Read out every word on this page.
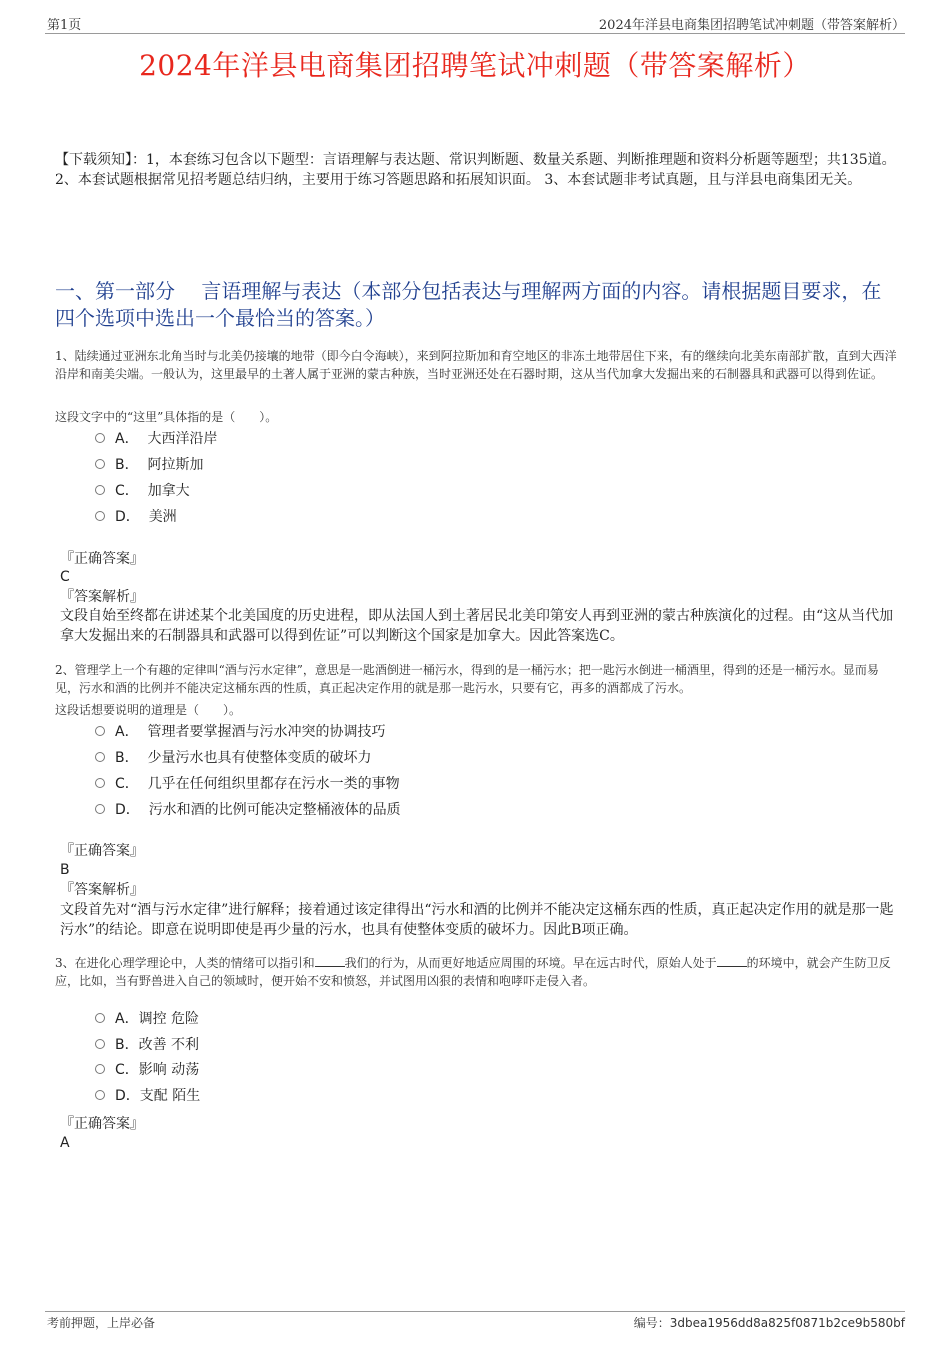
第1页	2024年洋县电商集团招聘笔试冲刺题（带答案解析）
2024年洋县电商集团招聘笔试冲刺题（带答案解析）
【下载须知】：1，本套练习包含以下题型：言语理解与表达题、常识判断题、数量关系题、判断推理题和资料分析题等题型；共135道。 2、本套试题根据常见招考题总结归纳，主要用于练习答题思路和拓展知识面。 3、本套试题非考试真题，且与洋县电商集团无关。
一、第一部分　 言语理解与表达（本部分包括表达与理解两方面的内容。请根据题目要求，在四个选项中选出一个最恰当的答案。）
1、陆续通过亚洲东北角当时与北美仍接壤的地带（即今白令海峡），来到阿拉斯加和育空地区的非冻土地带居住下来，有的继续向北美东南部扩散，直到大西洋沿岸和南美尖端。一般认为，这里最早的土著人属于亚洲的蒙古种族，当时亚洲还处在石器时期，这从当代加拿大发掘出来的石制器具和武器可以得到佐证。
这段文字中的“这里”具体指的是（　　）。
A． 大西洋沿岸
B． 阿拉斯加
C． 加拿大
D． 美洲
『正确答案』
C
『答案解析』
文段自始至终都在讲述某个北美国度的历史进程，即从法国人到土著居民北美印第安人再到亚洲的蒙古种族演化的过程。由“这从当代加拿大发掘出来的石制器具和武器可以得到佐证”可以判断这个国家是加拿大。因此答案选C。
2、管理学上一个有趣的定律叫“酒与污水定律”，意思是一匙酒倒进一桶污水，得到的是一桶污水；把一匙污水倒进一桶酒里，得到的还是一桶污水。显而易见，污水和酒的比例并不能决定这桶东西的性质，真正起决定作用的就是那一匙污水，只要有它，再多的酒都成了污水。
这段话想要说明的道理是（　　）。
A． 管理者要掌握酒与污水冲突的协调技巧
B． 少量污水也具有使整体变质的破坏力
C． 几乎在任何组织里都存在污水一类的事物
D． 污水和酒的比例可能决定整桶液体的品质
『正确答案』
B
『答案解析』
文段首先对“酒与污水定律”进行解释；接着通过该定律得出“污水和酒的比例并不能决定这桶东西的性质，真正起决定作用的就是那一匙污水”的结论。即意在说明即使是再少量的污水，也具有使整体变质的破坏力。因此B项正确。
3、在进化心理学理论中，人类的情绪可以指引和	我们的行为，从而更好地适应周围的环境。早在远古时代，原始人处于	的环境中，就会产生防卫反应，比如，当有野兽进入自己的领域时，便开始不安和愤怒，并试图用凶狠的表情和咆哮吓走侵入者。
A．调控 危险
B．改善 不利
C．影响 动荡
D．支配 陌生
『正确答案』
A
考前押题，上岸必备	编号：3dbea1956dd8a825f0871b2ce9b580bf
